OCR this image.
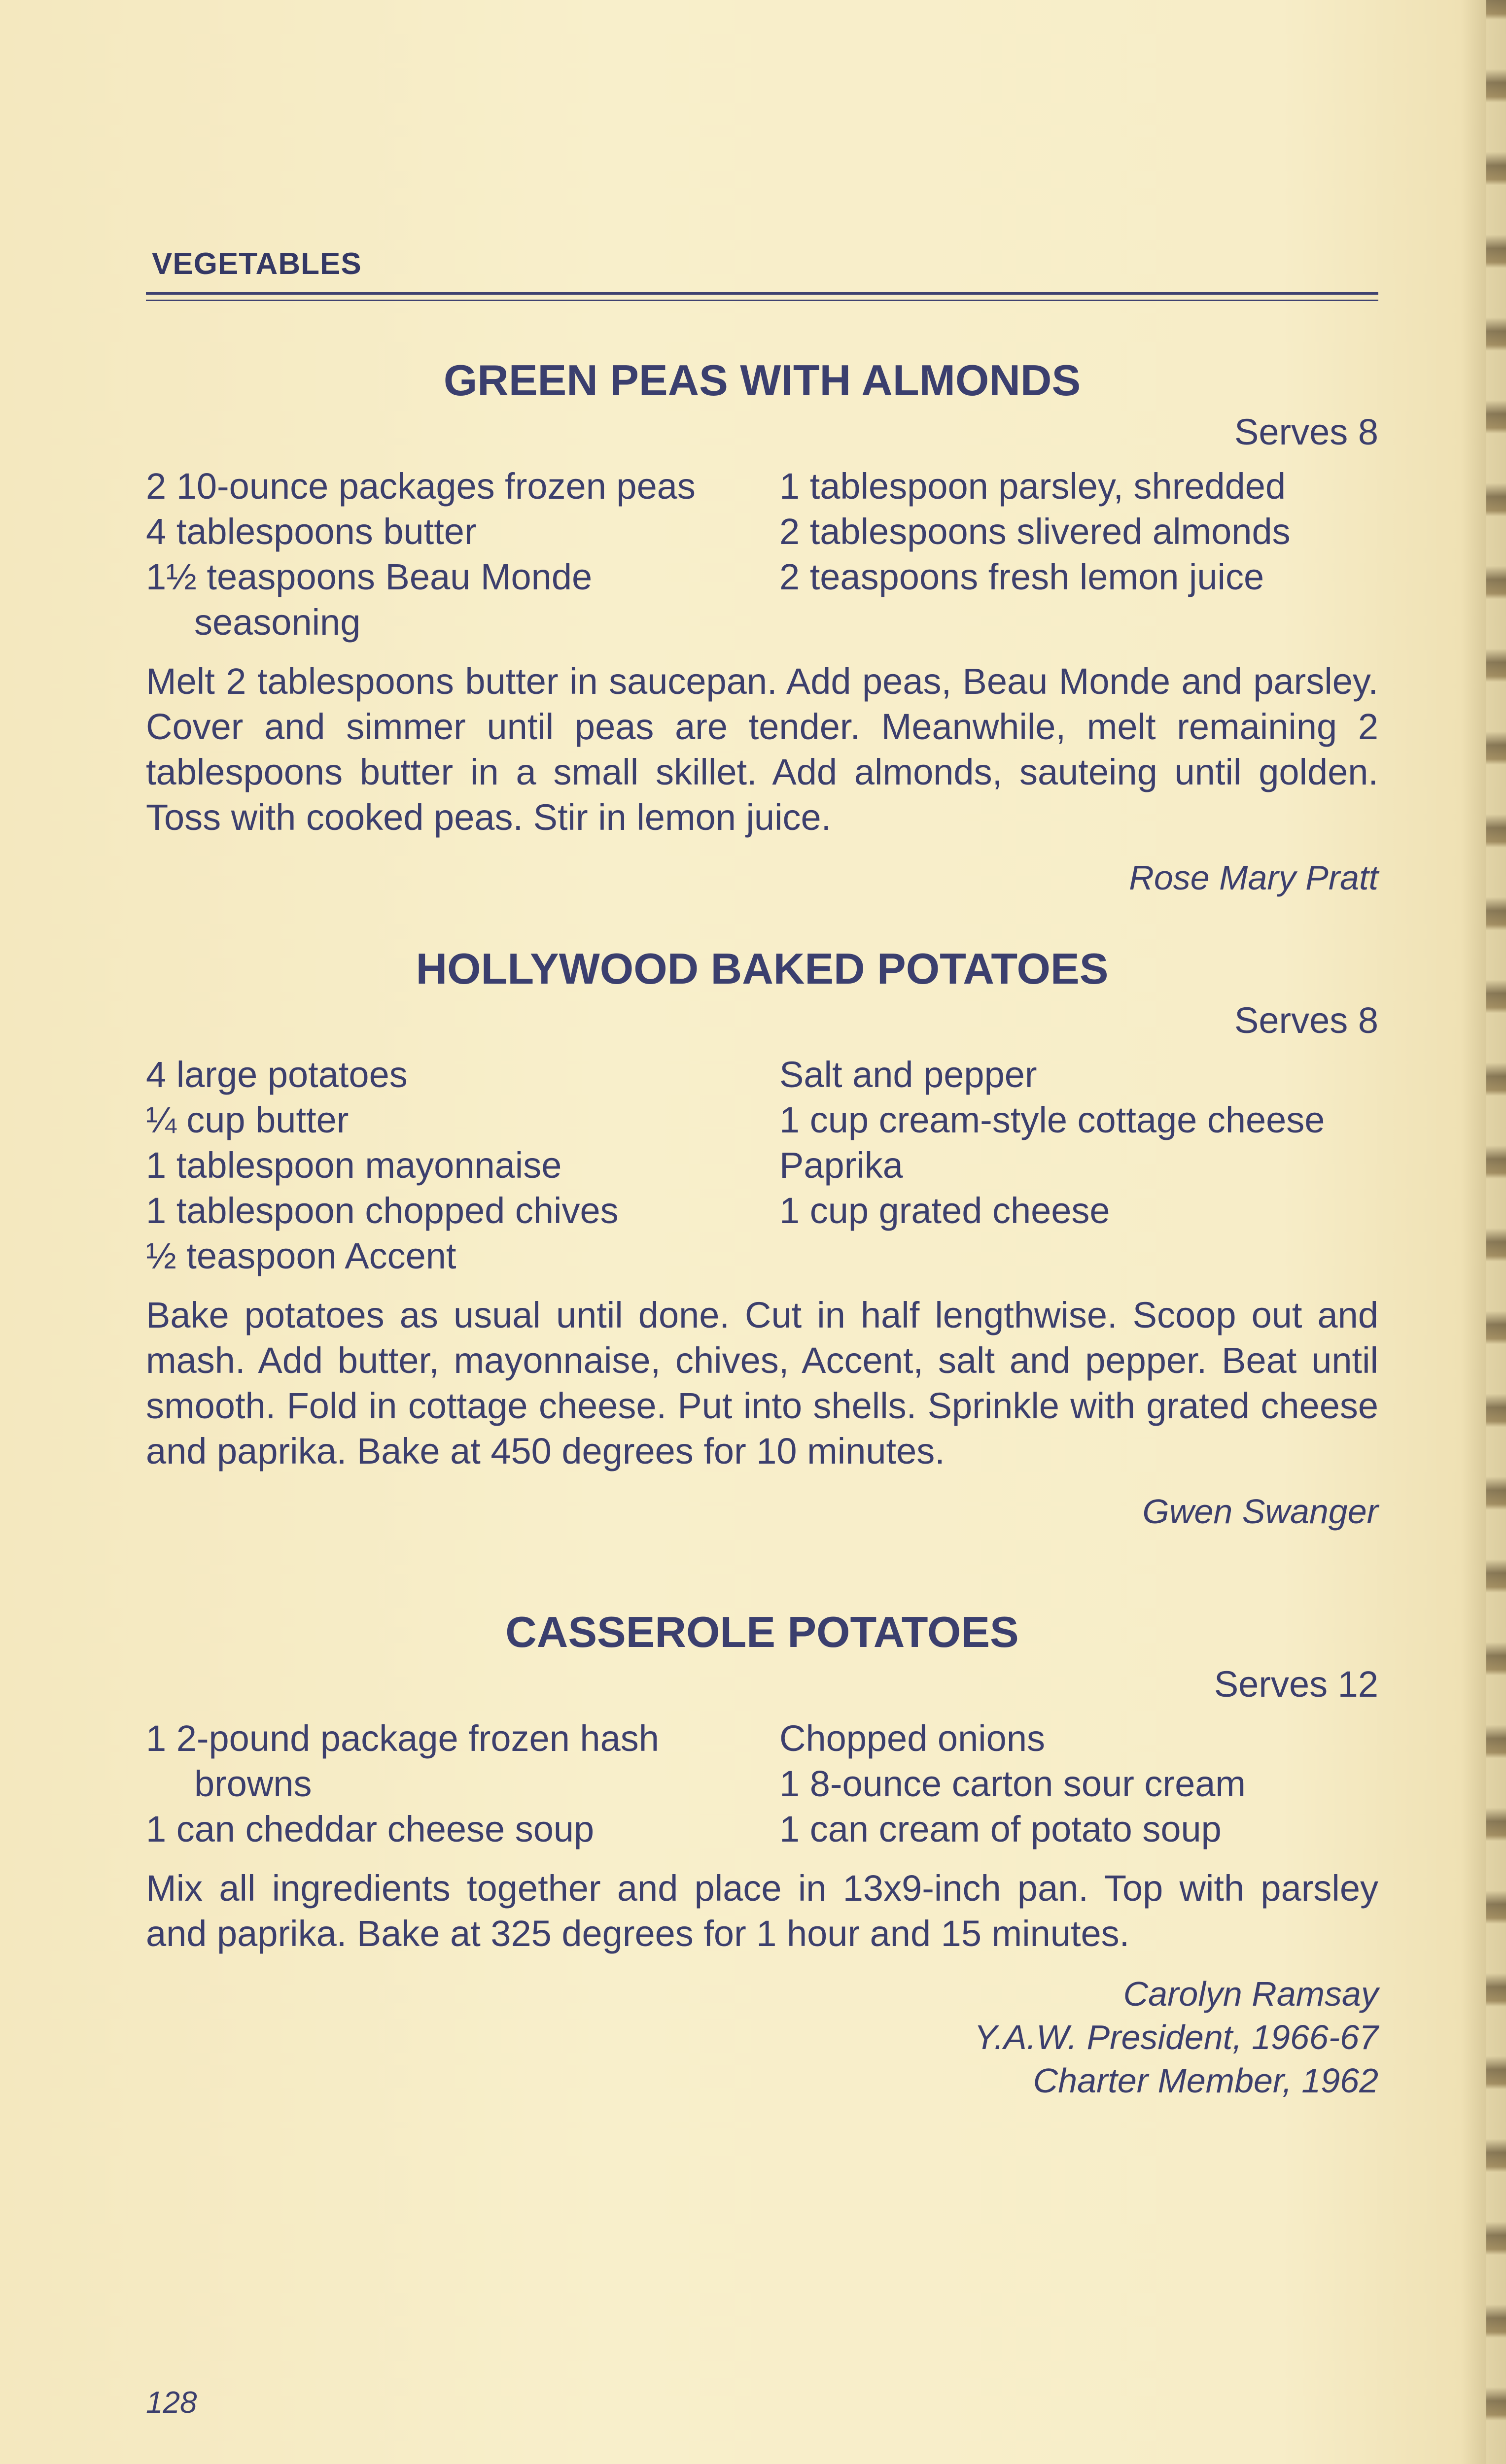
VEGETABLES
GREEN PEAS WITH ALMONDS
Serves 8

2 10-ounce packages frozen peas

4 tablespoons butter

1½ teaspoons Beau Monde seasoning

1 tablespoon parsley, shredded

2 tablespoons slivered almonds

2 teaspoons fresh lemon juice

Melt 2 tablespoons butter in saucepan. Add peas, Beau Monde and parsley. Cover and simmer until peas are tender. Meanwhile, melt remaining 2 tablespoons butter in a small skillet. Add almonds, sauteing until golden. Toss with cooked peas. Stir in lemon juice.
Rose Mary Pratt
HOLLYWOOD BAKED POTATOES
Serves 8

4 large potatoes

¼ cup butter

1 tablespoon mayonnaise

1 tablespoon chopped chives

½ teaspoon Accent

Salt and pepper

1 cup cream-style cottage cheese

Paprika

1 cup grated cheese

Bake potatoes as usual until done. Cut in half lengthwise. Scoop out and mash. Add butter, mayonnaise, chives, Accent, salt and pepper. Beat until smooth. Fold in cottage cheese. Put into shells. Sprinkle with grated cheese and paprika. Bake at 450 degrees for 10 minutes.
Gwen Swanger
CASSEROLE POTATOES
Serves 12

1 2-pound package frozen hash browns

1 can cheddar cheese soup

Chopped onions

1 8-ounce carton sour cream

1 can cream of potato soup

Mix all ingredients together and place in 13x9-inch pan. Top with parsley and paprika. Bake at 325 degrees for 1 hour and 15 minutes.
Carolyn Ramsay
Y.A.W. President, 1966-67
Charter Member, 1962
128
